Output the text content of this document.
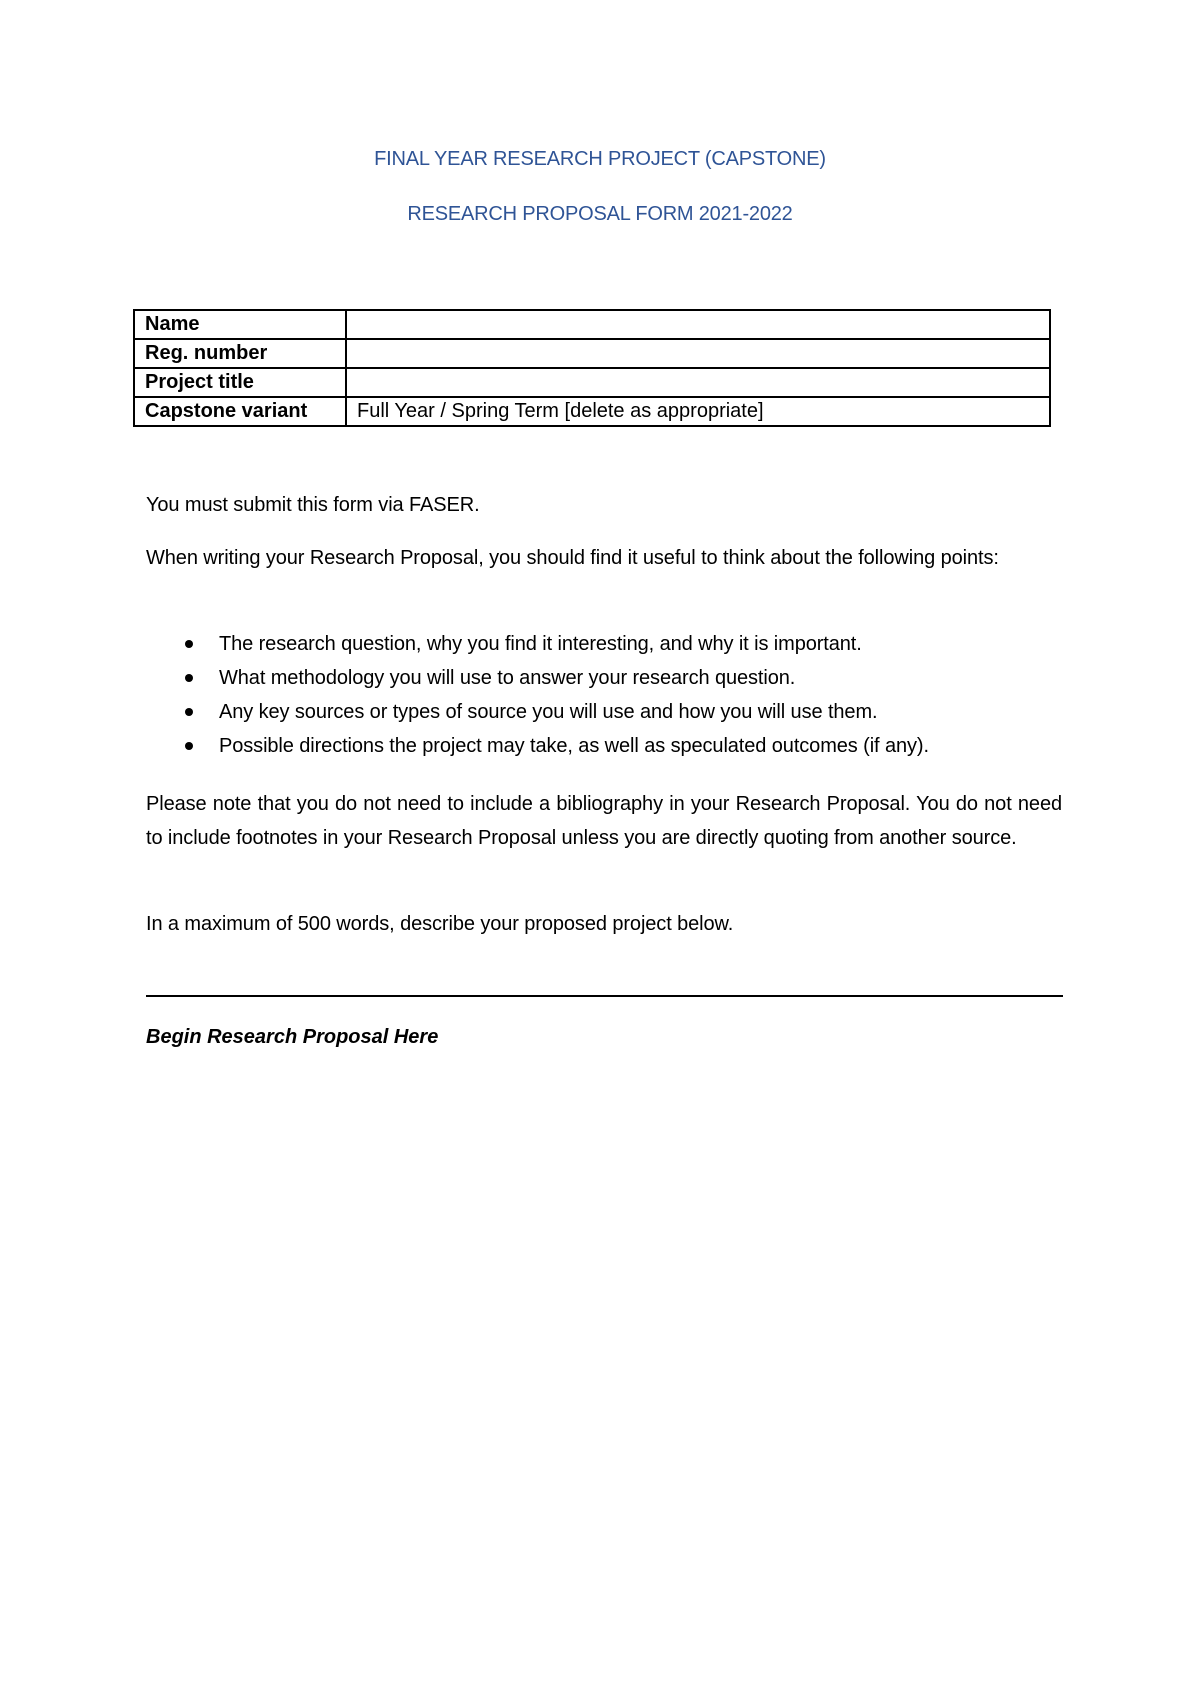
FINAL YEAR RESEARCH PROJECT (CAPSTONE)
RESEARCH PROPOSAL FORM 2021-2022
Name	
Reg. number	
Project title	
Capstone variant	Full Year / Spring Term [delete as appropriate]
You must submit this form via FASER.
When writing your Research Proposal, you should find it useful to think about the following points:
The research question, why you find it interesting, and why it is important.
What methodology you will use to answer your research question.
Any key sources or types of source you will use and how you will use them.
Possible directions the project may take, as well as speculated outcomes (if any).
Please note that you do not need to include a bibliography in your Research Proposal. You do not need to include footnotes in your Research Proposal unless you are directly quoting from another source.
In a maximum of 500 words, describe your proposed project below.
Begin Research Proposal Here
